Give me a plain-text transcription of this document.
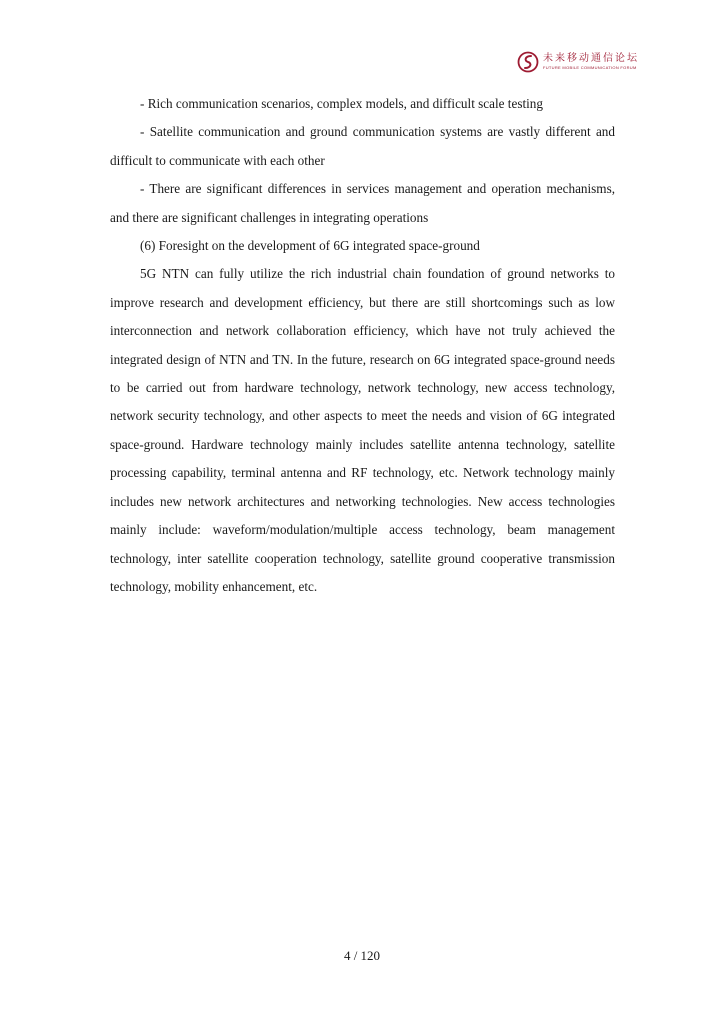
未来移动通信论坛
FUTURE MOBILE COMMUNICATION FORUM

- Rich communication scenarios, complex models, and difficult scale testing

- Satellite communication and ground communication systems are vastly different and difficult to communicate with each other

- There are significant differences in services management and operation mechanisms, and there are significant challenges in integrating operations

(6) Foresight on the development of 6G integrated space-ground

5G NTN can fully utilize the rich industrial chain foundation of ground networks to improve research and development efficiency, but there are still shortcomings such as low interconnection and network collaboration efficiency, which have not truly achieved the integrated design of NTN and TN. In the future, research on 6G integrated space-ground needs to be carried out from hardware technology, network technology, new access technology, network security technology, and other aspects to meet the needs and vision of 6G integrated space-ground. Hardware technology mainly includes satellite antenna technology, satellite processing capability, terminal antenna and RF technology, etc. Network technology mainly includes new network architectures and networking technologies. New access technologies mainly include: waveform/modulation/multiple access technology, beam management technology, inter satellite cooperation technology, satellite ground cooperative transmission technology, mobility enhancement, etc.

4 / 120
